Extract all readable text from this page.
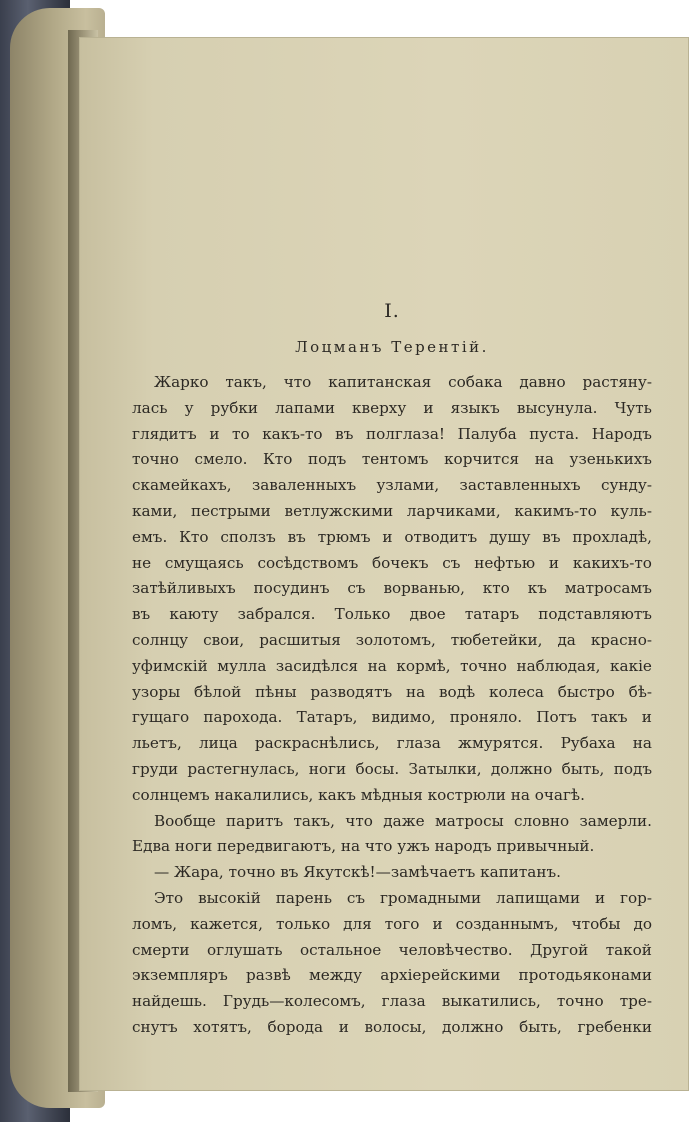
I.
Лоцманъ Терентій.
Жарко такъ, что капитанская собака давно растяну-
лась у рубки лапами кверху и языкъ высунула. Чуть
глядитъ и то какъ-то въ полглаза! Палуба пуста. Народъ
точно смело. Кто подъ тентомъ корчится на узенькихъ
скамейкахъ, заваленныхъ узлами, заставленныхъ сунду-
ками, пестрыми ветлужскими ларчиками, какимъ-то куль-
емъ. Кто сползъ въ трюмъ и отводитъ душу въ прохладѣ,
не смущаясь сосѣдствомъ бочекъ съ нефтью и какихъ-то
затѣйливыхъ посудинъ съ ворванью, кто къ матросамъ
въ каюту забрался. Только двое татаръ подставляютъ
солнцу свои, расшитыя золотомъ, тюбетейки, да красно-
уфимскій мулла засидѣлся на кормѣ, точно наблюдая, какіе
узоры бѣлой пѣны разводятъ на водѣ колеса быстро бѣ-
гущаго парохода. Татаръ, видимо, проняло. Потъ такъ и
льетъ, лица раскраснѣлись, глаза жмурятся. Рубаха на
груди растегнулась, ноги босы. Затылки, должно быть, подъ
солнцемъ накалились, какъ мѣдныя кострюли на очагѣ.
Вообще паритъ такъ, что даже матросы словно замерли.
Едва ноги передвигаютъ, на что ужъ народъ привычный.
— Жара, точно въ Якутскѣ!—замѣчаетъ капитанъ.
Это высокій парень съ громадными лапищами и гор-
ломъ, кажется, только для того и созданнымъ, чтобы до
смерти оглушать остальное человѣчество. Другой такой
экземпляръ развѣ между архіерейскими протодьяконами
найдешь. Грудь—колесомъ, глаза выкатились, точно тре-
снутъ хотятъ, борода и волосы, должно быть, гребенки
